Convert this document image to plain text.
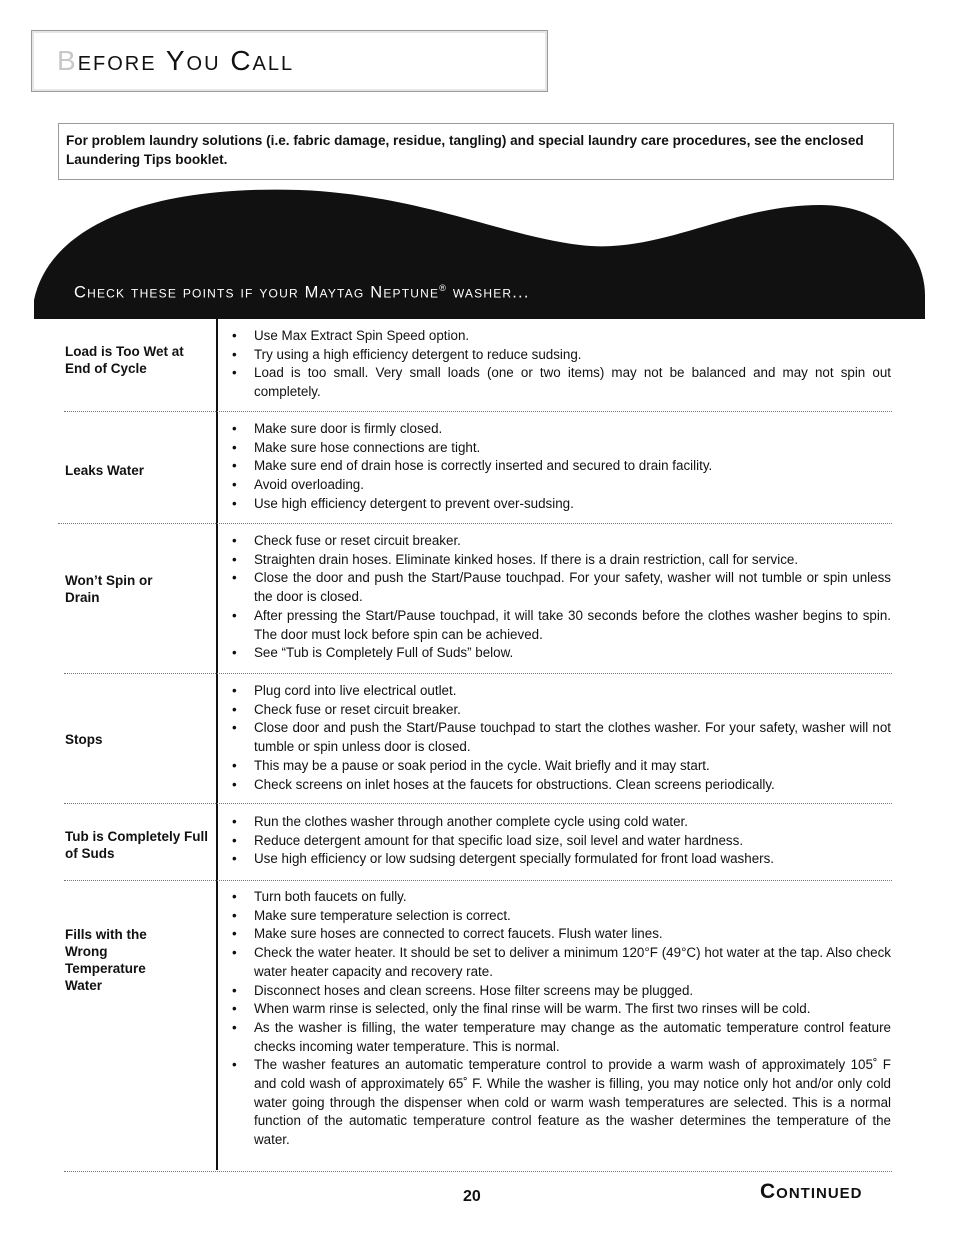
Before You Call
For problem laundry solutions (i.e. fabric damage, residue, tangling) and special laundry care procedures, see the enclosed Laundering Tips booklet.
Check these points if your Maytag Neptune® washer...
Load is Too Wet at End of Cycle
• Use Max Extract Spin Speed option.
• Try using a high efficiency detergent to reduce sudsing.
• Load is too small. Very small loads (one or two items) may not be balanced and may not spin out completely.
Leaks Water
• Make sure door is firmly closed.
• Make sure hose connections are tight.
• Make sure end of drain hose is correctly inserted and secured to drain facility.
• Avoid overloading.
• Use high efficiency detergent to prevent over-sudsing.
Won’t Spin or Drain
• Check fuse or reset circuit breaker.
• Straighten drain hoses. Eliminate kinked hoses. If there is a drain restriction, call for service.
• Close the door and push the Start/Pause touchpad. For your safety, washer will not tumble or spin unless the door is closed.
• After pressing the Start/Pause touchpad, it will take 30 seconds before the clothes washer begins to spin. The door must lock before spin can be achieved.
• See “Tub is Completely Full of Suds” below.
Stops
• Plug cord into live electrical outlet.
• Check fuse or reset circuit breaker.
• Close door and push the Start/Pause touchpad to start the clothes washer. For your safety, washer will not tumble or spin unless door is closed.
• This may be a pause or soak period in the cycle. Wait briefly and it may start.
• Check screens on inlet hoses at the faucets for obstructions. Clean screens periodically.
Tub is Completely Full of Suds
• Run the clothes washer through another complete cycle using cold water.
• Reduce detergent amount for that specific load size, soil level and water hardness.
• Use high efficiency or low sudsing detergent specially formulated for front load washers.
Fills with the Wrong Temperature Water
• Turn both faucets on fully.
• Make sure temperature selection is correct.
• Make sure hoses are connected to correct faucets. Flush water lines.
• Check the water heater. It should be set to deliver a minimum 120°F (49°C) hot water at the tap. Also check water heater capacity and recovery rate.
• Disconnect hoses and clean screens. Hose filter screens may be plugged.
• When warm rinse is selected, only the final rinse will be warm. The first two rinses will be cold.
• As the washer is filling, the water temperature may change as the automatic temperature control feature checks incoming water temperature. This is normal.
• The washer features an automatic temperature control to provide a warm wash of approximately 105˚ F and cold wash of approximately 65˚ F. While the washer is filling, you may notice only hot and/or only cold water going through the dispenser when cold or warm wash temperatures are selected. This is a normal function of the automatic temperature control feature as the washer determines the temperature of the water.
20	Continued
